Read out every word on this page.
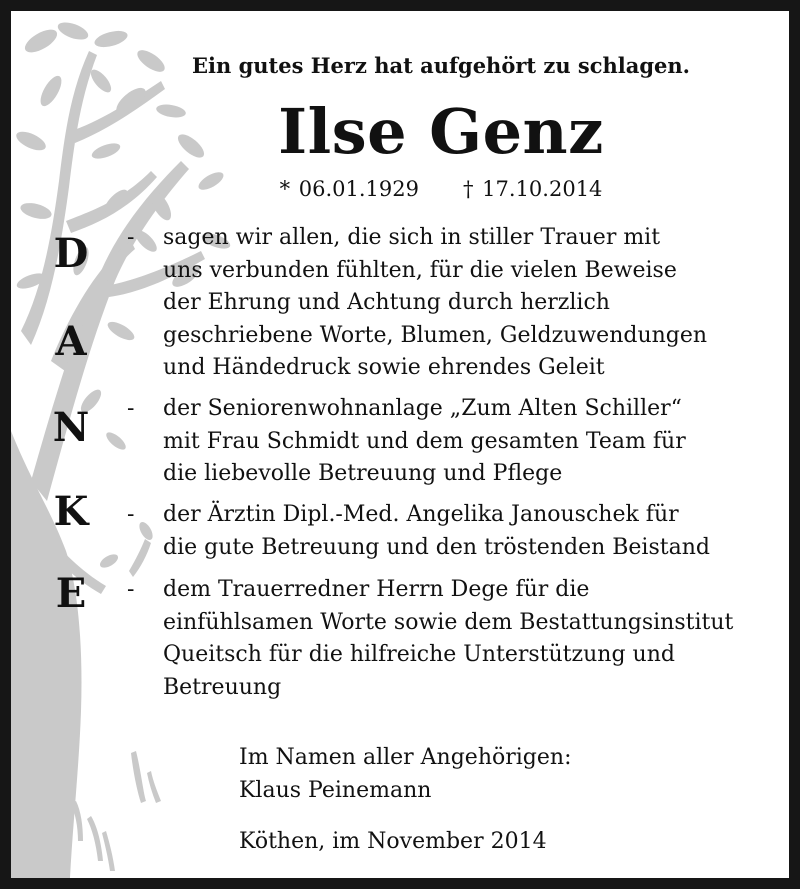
Ein gutes Herz hat aufgehört zu schlagen.
Ilse Genz
* 06.01.1929 † 17.10.2014
D
A
N
K
E
- sagen wir allen, die sich in stiller Trauer mit
uns verbunden fühlten, für die vielen Beweise
der Ehrung und Achtung durch herzlich
geschriebene Worte, Blumen, Geldzuwendungen
und Händedruck sowie ehrendes Geleit
- der Seniorenwohnanlage „Zum Alten Schiller“
mit Frau Schmidt und dem gesamten Team für
die liebevolle Betreuung und Pflege
- der Ärztin Dipl.-Med. Angelika Janouschek für
die gute Betreuung und den tröstenden Beistand
- dem Trauerredner Herrn Dege für die
einfühlsamen Worte sowie dem Bestattungsinstitut
Queitsch für die hilfreiche Unterstützung und
Betreuung
Im Namen aller Angehörigen:
Klaus Peinemann
Köthen, im November 2014
